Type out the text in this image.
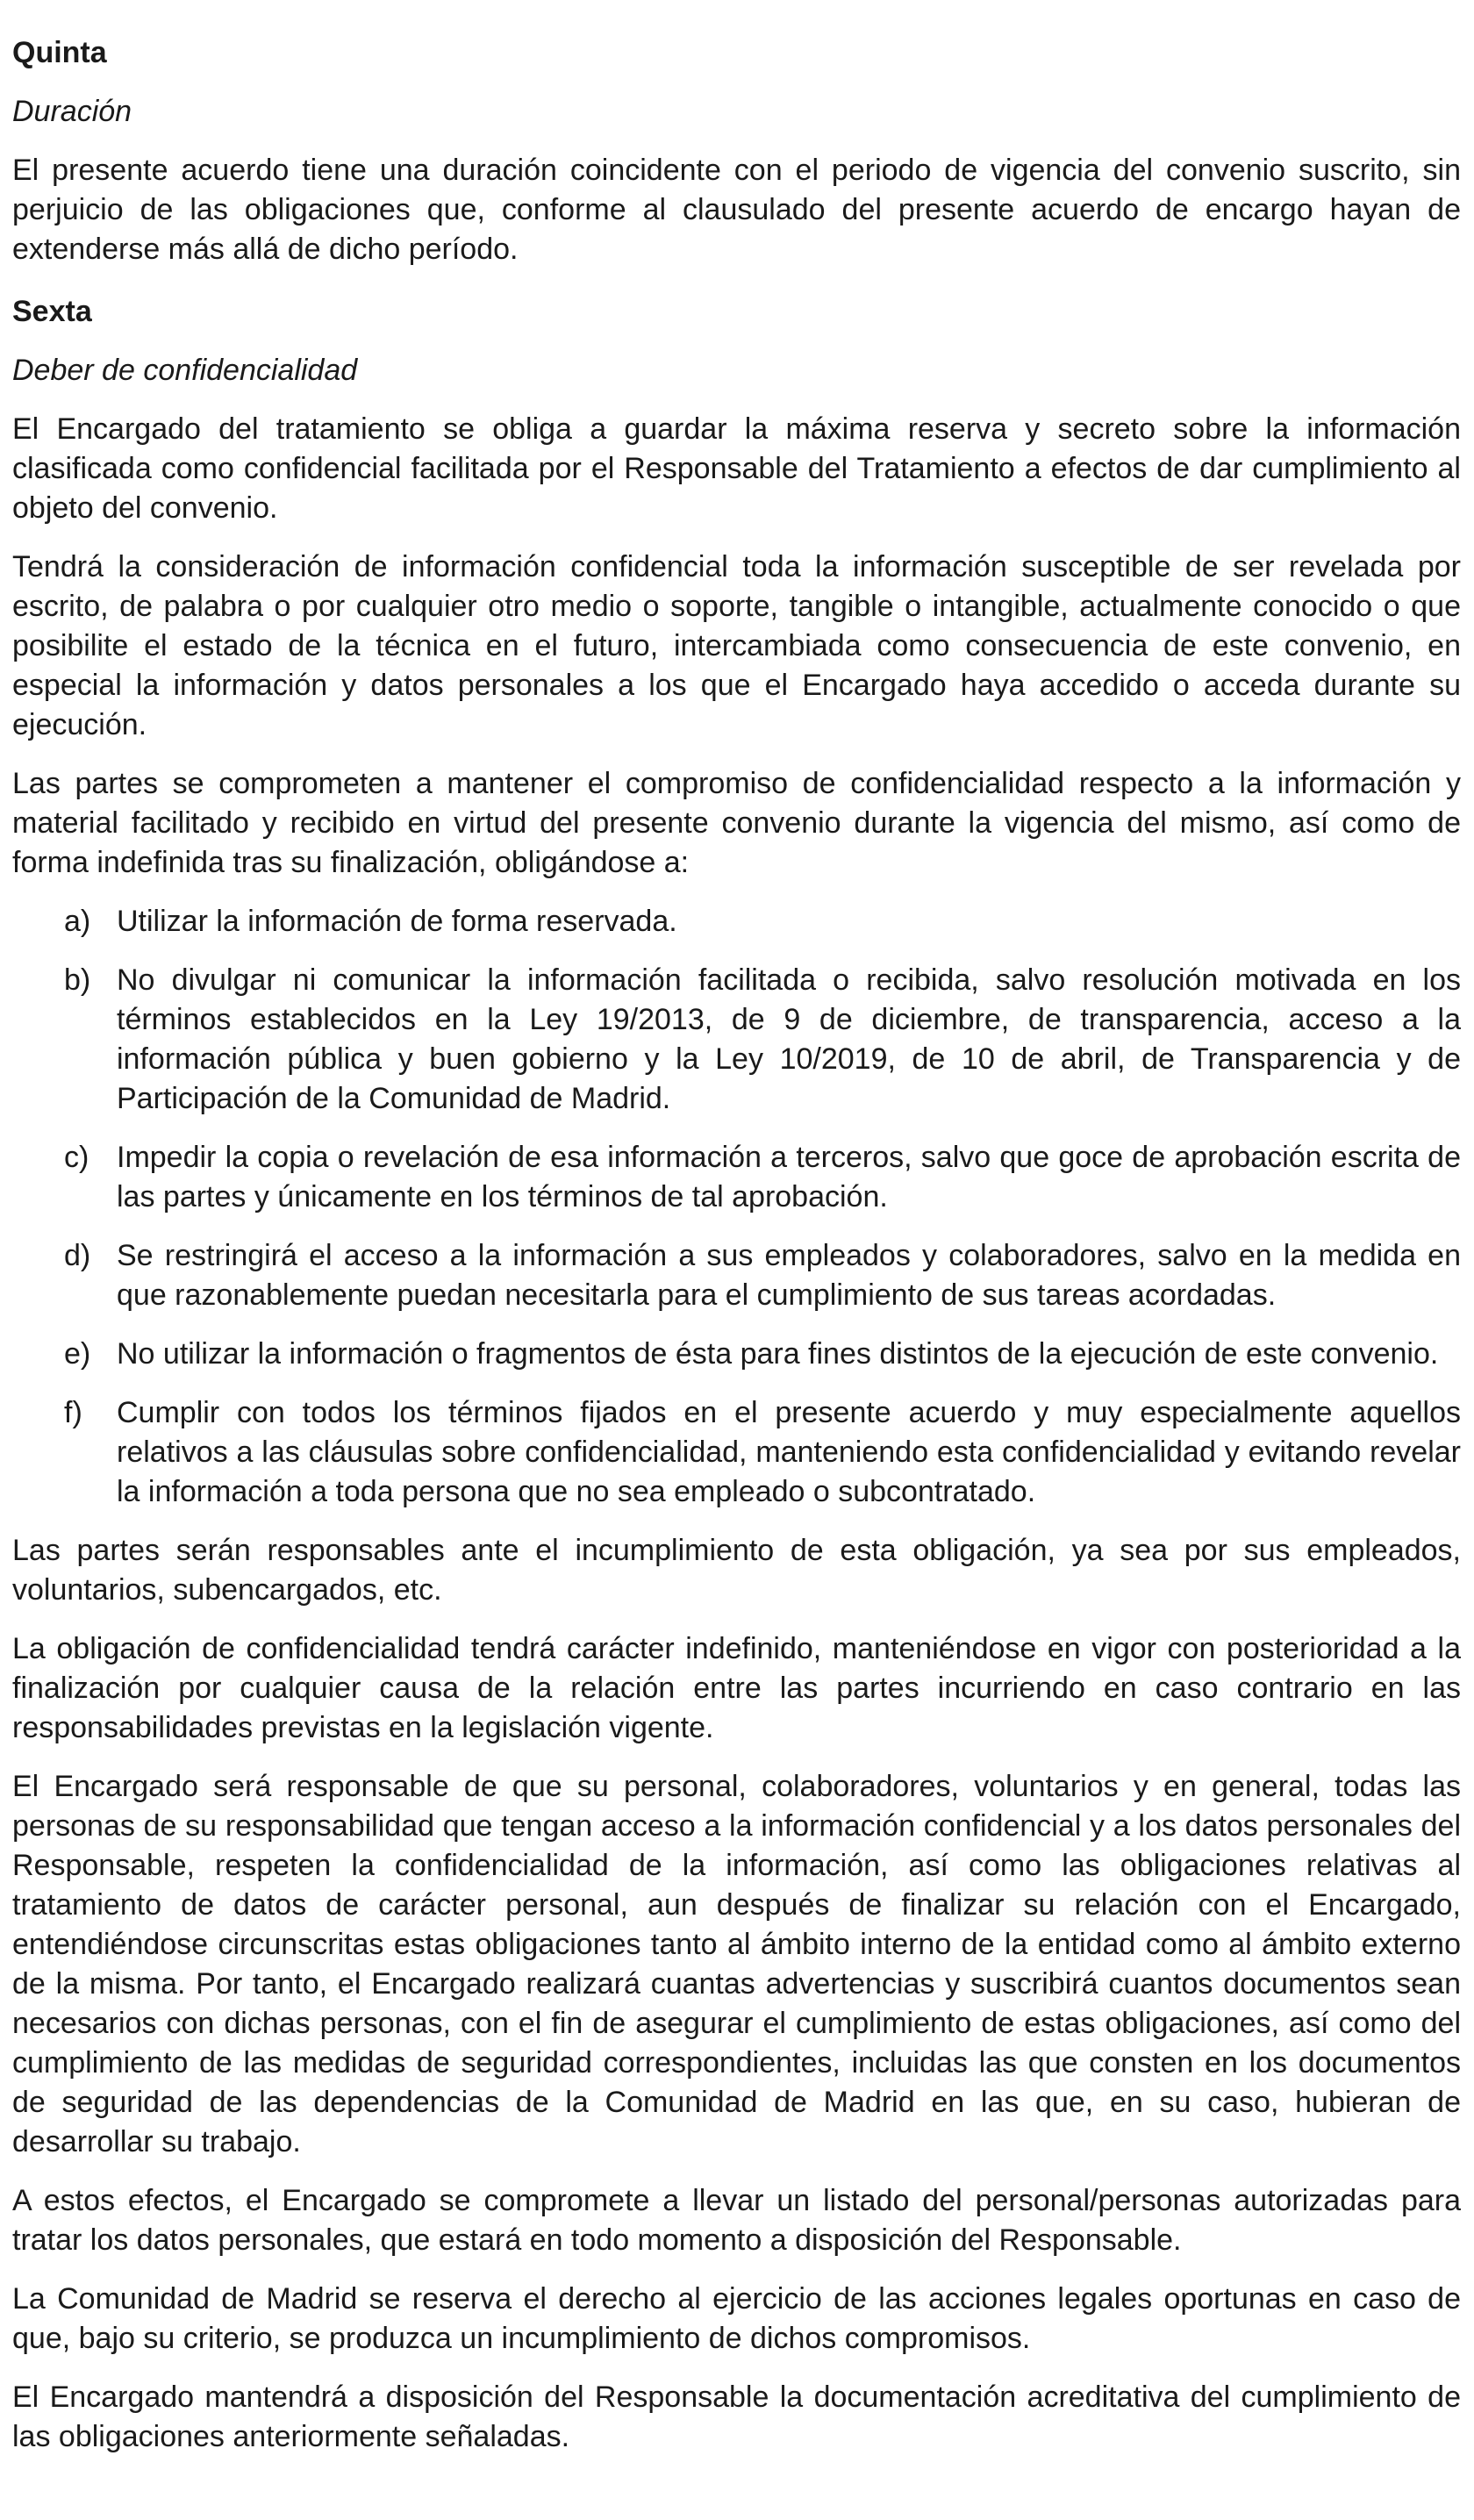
Quinta

Duración

El presente acuerdo tiene una duración coincidente con el periodo de vigencia del convenio suscrito, sin perjuicio de las obligaciones que, conforme al clausulado del presente acuerdo de encargo hayan de extenderse más allá de dicho período.

Sexta

Deber de confidencialidad

El Encargado del tratamiento se obliga a guardar la máxima reserva y secreto sobre la información clasificada como confidencial facilitada por el Responsable del Tratamiento a efectos de dar cumplimiento al objeto del convenio.

Tendrá la consideración de información confidencial toda la información susceptible de ser revelada por escrito, de palabra o por cualquier otro medio o soporte, tangible o intangible, actualmente conocido o que posibilite el estado de la técnica en el futuro, intercambiada como consecuencia de este convenio, en especial la información y datos personales a los que el Encargado haya accedido o acceda durante su ejecución.

Las partes se comprometen a mantener el compromiso de confidencialidad respecto a la información y material facilitado y recibido en virtud del presente convenio durante la vigencia del mismo, así como de forma indefinida tras su finalización, obligándose a:

a) Utilizar la información de forma reservada.
b) No divulgar ni comunicar la información facilitada o recibida, salvo resolución motivada en los términos establecidos en la Ley 19/2013, de 9 de diciembre, de transparencia, acceso a la información pública y buen gobierno y la Ley 10/2019, de 10 de abril, de Transparencia y de Participación de la Comunidad de Madrid.
c) Impedir la copia o revelación de esa información a terceros, salvo que goce de aprobación escrita de las partes y únicamente en los términos de tal aprobación.
d) Se restringirá el acceso a la información a sus empleados y colaboradores, salvo en la medida en que razonablemente puedan necesitarla para el cumplimiento de sus tareas acordadas.
e) No utilizar la información o fragmentos de ésta para fines distintos de la ejecución de este convenio.
f) Cumplir con todos los términos fijados en el presente acuerdo y muy especialmente aquellos relativos a las cláusulas sobre confidencialidad, manteniendo esta confidencialidad y evitando revelar la información a toda persona que no sea empleado o subcontratado.

Las partes serán responsables ante el incumplimiento de esta obligación, ya sea por sus empleados, voluntarios, subencargados, etc.

La obligación de confidencialidad tendrá carácter indefinido, manteniéndose en vigor con posterioridad a la finalización por cualquier causa de la relación entre las partes incurriendo en caso contrario en las responsabilidades previstas en la legislación vigente.

El Encargado será responsable de que su personal, colaboradores, voluntarios y en general, todas las personas de su responsabilidad que tengan acceso a la información confidencial y a los datos personales del Responsable, respeten la confidencialidad de la información, así como las obligaciones relativas al tratamiento de datos de carácter personal, aun después de finalizar su relación con el Encargado, entendiéndose circunscritas estas obligaciones tanto al ámbito interno de la entidad como al ámbito externo de la misma. Por tanto, el Encargado realizará cuantas advertencias y suscribirá cuantos documentos sean necesarios con dichas personas, con el fin de asegurar el cumplimiento de estas obligaciones, así como del cumplimiento de las medidas de seguridad correspondientes, incluidas las que consten en los documentos de seguridad de las dependencias de la Comunidad de Madrid en las que, en su caso, hubieran de desarrollar su trabajo.

A estos efectos, el Encargado se compromete a llevar un listado del personal/personas autorizadas para tratar los datos personales, que estará en todo momento a disposición del Responsable.

La Comunidad de Madrid se reserva el derecho al ejercicio de las acciones legales oportunas en caso de que, bajo su criterio, se produzca un incumplimiento de dichos compromisos.

El Encargado mantendrá a disposición del Responsable la documentación acreditativa del cumplimiento de las obligaciones anteriormente señaladas.
